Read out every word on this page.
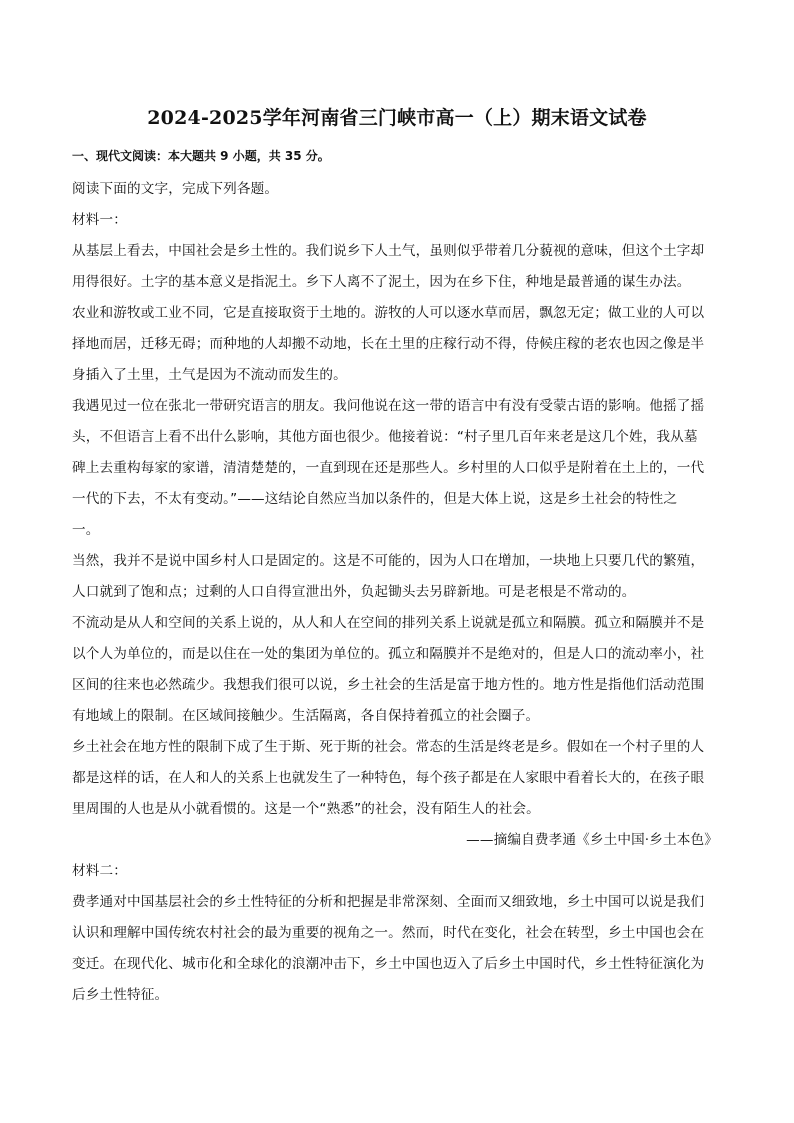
2024-2025学年河南省三门峡市高一（上）期末语文试卷
一、现代文阅读：本大题共 9 小题，共 35 分。
阅读下面的文字，完成下列各题。
材料一：
从基层上看去，中国社会是乡土性的。我们说乡下人土气，虽则似乎带着几分藐视的意味，但这个土字却
用得很好。土字的基本意义是指泥土。乡下人离不了泥土，因为在乡下住，种地是最普通的谋生办法。
农业和游牧或工业不同，它是直接取资于土地的。游牧的人可以逐水草而居，飘忽无定；做工业的人可以
择地而居，迁移无碍；而种地的人却搬不动地，长在土里的庄稼行动不得，侍候庄稼的老农也因之像是半
身插入了土里，土气是因为不流动而发生的。
我遇见过一位在张北一带研究语言的朋友。我问他说在这一带的语言中有没有受蒙古语的影响。他摇了摇
头，不但语言上看不出什么影响，其他方面也很少。他接着说：“村子里几百年来老是这几个姓，我从墓
碑上去重构每家的家谱，清清楚楚的，一直到现在还是那些人。乡村里的人口似乎是附着在土上的，一代
一代的下去，不太有变动。”——这结论自然应当加以条件的，但是大体上说，这是乡土社会的特性之
一。
当然，我并不是说中国乡村人口是固定的。这是不可能的，因为人口在增加，一块地上只要几代的繁殖，
人口就到了饱和点；过剩的人口自得宣泄出外，负起锄头去另辟新地。可是老根是不常动的。
不流动是从人和空间的关系上说的，从人和人在空间的排列关系上说就是孤立和隔膜。孤立和隔膜并不是
以个人为单位的，而是以住在一处的集团为单位的。孤立和隔膜并不是绝对的，但是人口的流动率小，社
区间的往来也必然疏少。我想我们很可以说，乡土社会的生活是富于地方性的。地方性是指他们活动范围
有地域上的限制。在区域间接触少。生活隔离，各自保持着孤立的社会圈子。
乡土社会在地方性的限制下成了生于斯、死于斯的社会。常态的生活是终老是乡。假如在一个村子里的人
都是这样的话，在人和人的关系上也就发生了一种特色，每个孩子都是在人家眼中看着长大的，在孩子眼
里周围的人也是从小就看惯的。这是一个“熟悉”的社会，没有陌生人的社会。
——摘编自费孝通《乡土中国·乡土本色》
材料二：
费孝通对中国基层社会的乡土性特征的分析和把握是非常深刻、全面而又细致地，乡土中国可以说是我们
认识和理解中国传统农村社会的最为重要的视角之一。然而，时代在变化，社会在转型，乡土中国也会在
变迁。在现代化、城市化和全球化的浪潮冲击下，乡土中国也迈入了后乡土中国时代，乡土性特征演化为
后乡土性特征。
